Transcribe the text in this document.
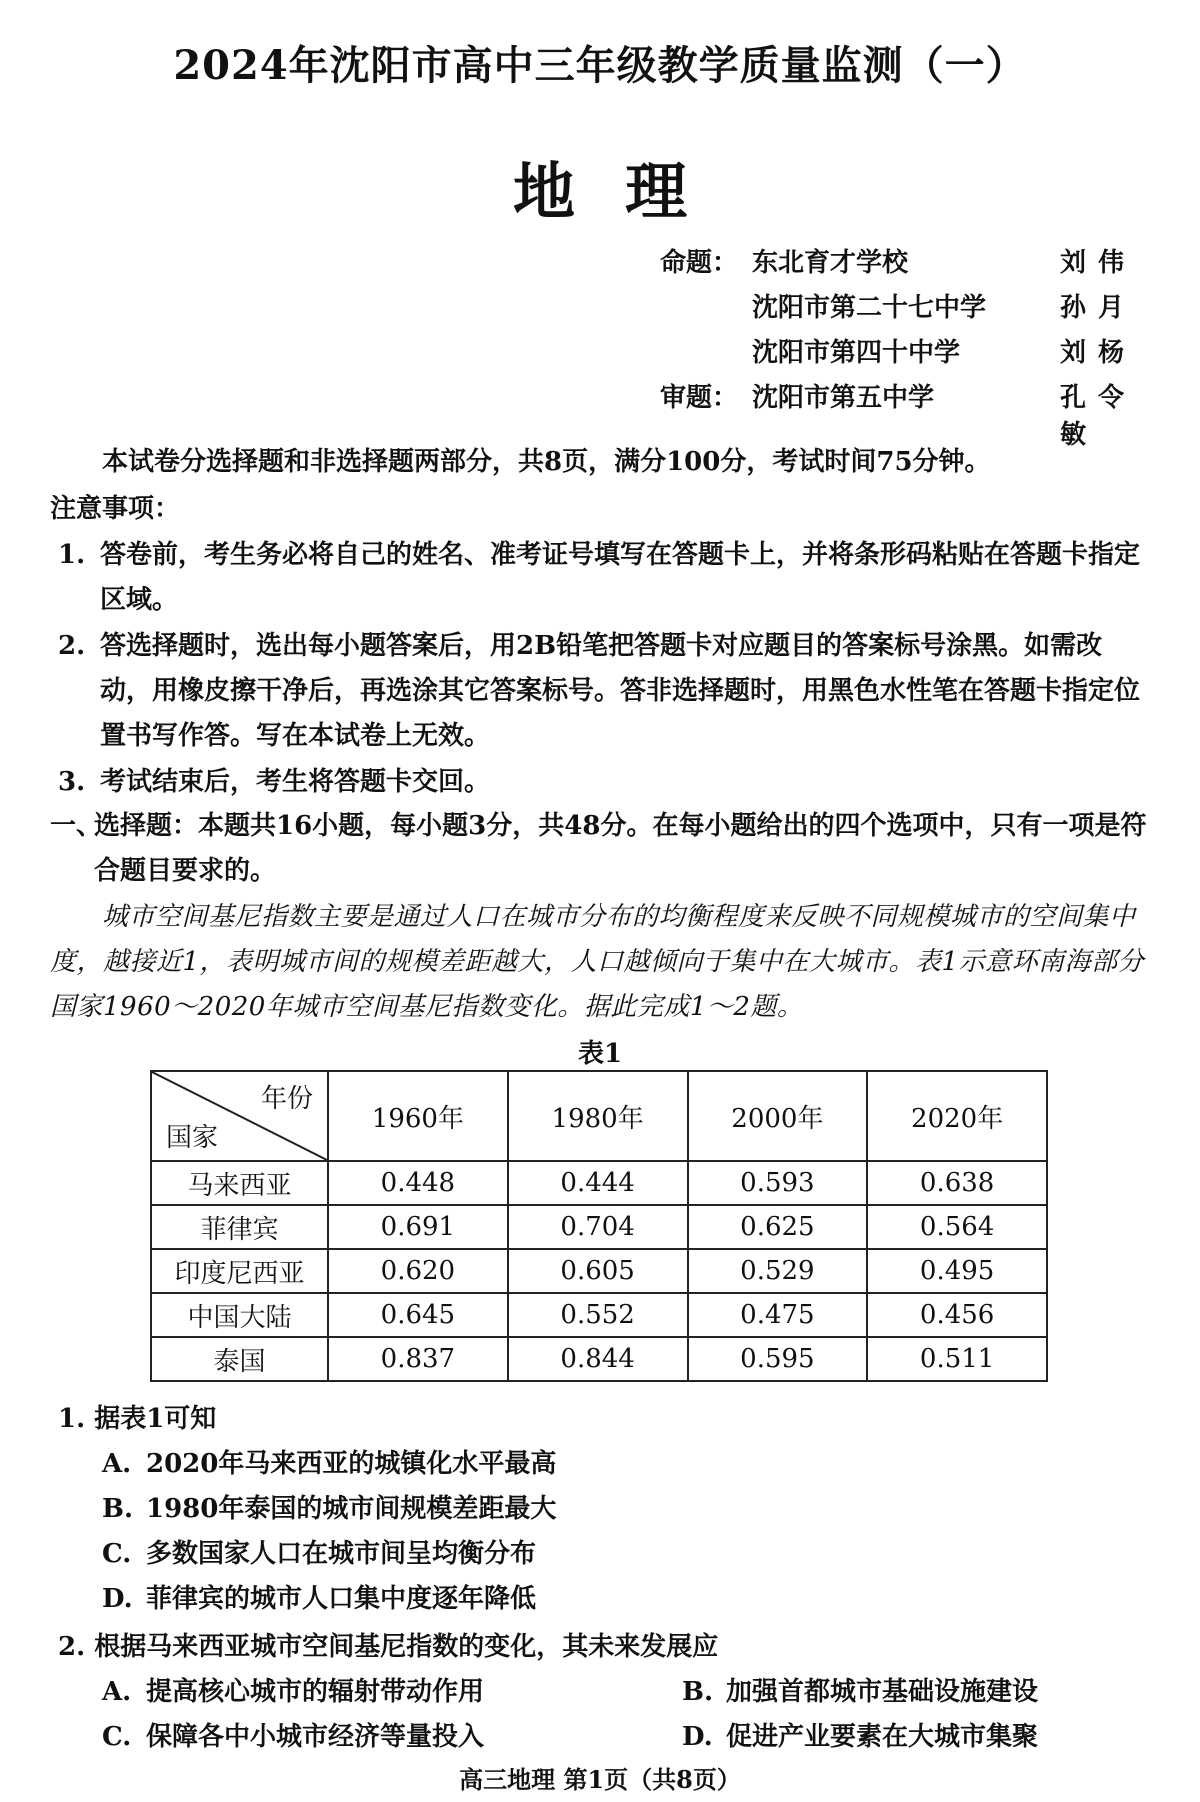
2024年沈阳市高中三年级教学质量监测（一）
地理
命题： 东北育才学校	刘伟
沈阳市第二十七中学	孙月
沈阳市第四十中学	刘杨
审题： 沈阳市第五中学	孔令敏
本试卷分选择题和非选择题两部分，共8页，满分100分，考试时间75分钟。
注意事项：
1. 答卷前，考生务必将自己的姓名、准考证号填写在答题卡上，并将条形码粘贴在答题卡指定区域。
2. 答选择题时，选出每小题答案后，用2B铅笔把答题卡对应题目的答案标号涂黑。如需改动，用橡皮擦干净后，再选涂其它答案标号。答非选择题时，用黑色水性笔在答题卡指定位置书写作答。写在本试卷上无效。
3. 考试结束后，考生将答题卡交回。
一、
选择题：本题共16小题，每小题3分，共48分。在每小题给出的四个选项中，只有一项是符合题目要求的。
城市空间基尼指数主要是通过人口在城市分布的均衡程度来反映不同规模城市的空间集中度，越接近1，表明城市间的规模差距越大，人口越倾向于集中在大城市。表1示意环南海部分国家1960～2020年城市空间基尼指数变化。据此完成1～2题。
表1
年份
国家	1960年	1980年	2000年	2020年
马来西亚	0.448	0.444	0.593	0.638
菲律宾	0.691	0.704	0.625	0.564
印度尼西亚	0.620	0.605	0.529	0.495
中国大陆	0.645	0.552	0.475	0.456
泰国	0.837	0.844	0.595	0.511
1. 据表1可知
A. 2020年马来西亚的城镇化水平最高
B. 1980年泰国的城市间规模差距最大
C. 多数国家人口在城市间呈均衡分布
D. 菲律宾的城市人口集中度逐年降低
2. 根据马来西亚城市空间基尼指数的变化，其未来发展应
A. 提高核心城市的辐射带动作用	B. 加强首都城市基础设施建设
C. 保障各中小城市经济等量投入	D. 促进产业要素在大城市集聚
高三地理 第1页（共8页）
